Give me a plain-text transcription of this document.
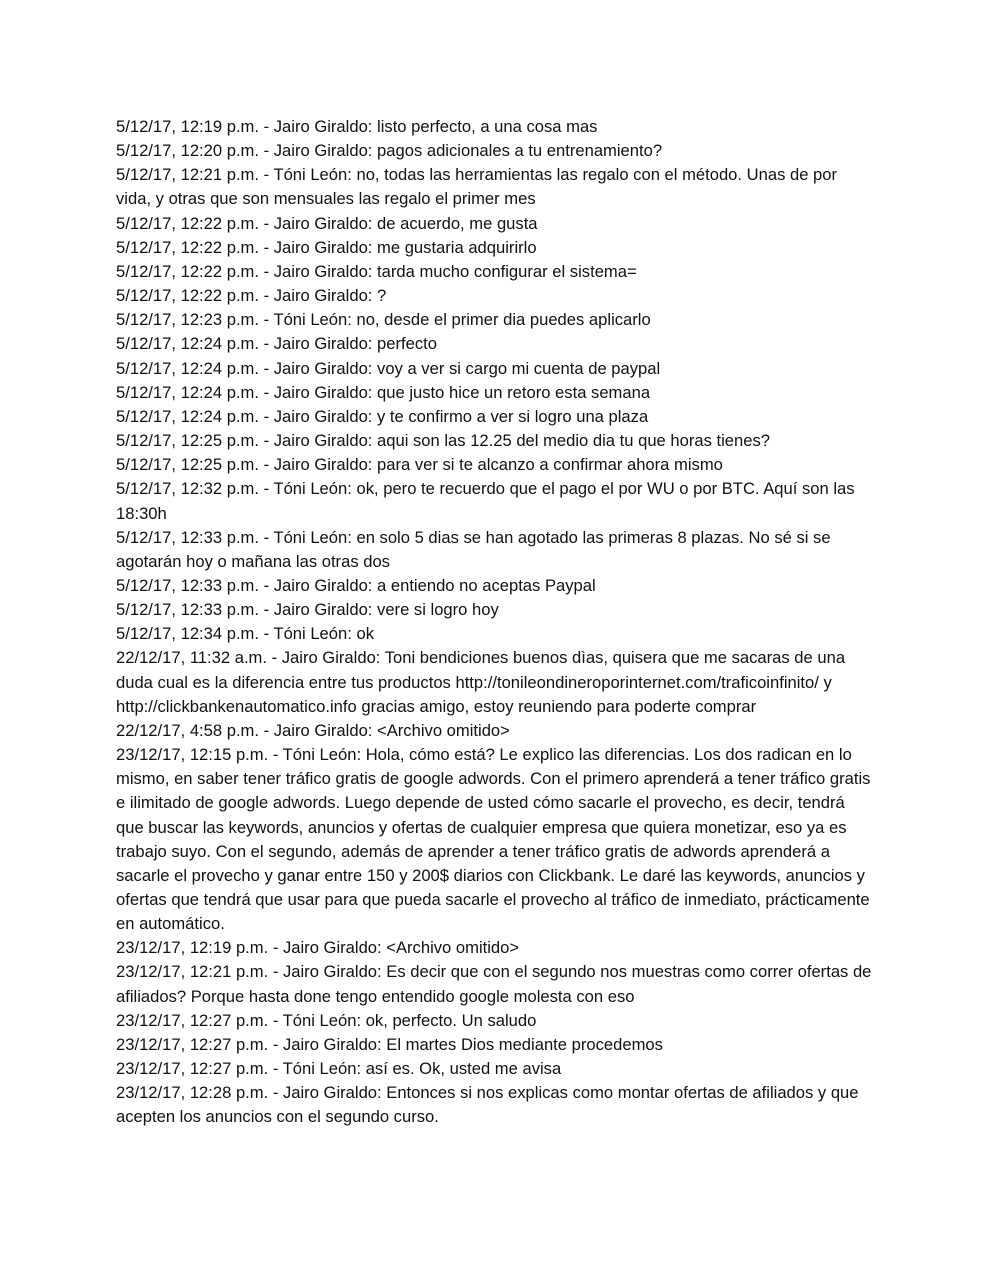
5/12/17, 12:19 p.m. - Jairo Giraldo: listo perfecto, a una cosa mas

5/12/17, 12:20 p.m. - Jairo Giraldo: pagos adicionales a tu entrenamiento?

5/12/17, 12:21 p.m. - Tóni León: no, todas las herramientas las regalo con el método. Unas de por vida, y otras que son mensuales las regalo el primer mes

5/12/17, 12:22 p.m. - Jairo Giraldo: de acuerdo, me gusta

5/12/17, 12:22 p.m. - Jairo Giraldo: me gustaria adquirirlo

5/12/17, 12:22 p.m. - Jairo Giraldo: tarda mucho configurar el sistema=

5/12/17, 12:22 p.m. - Jairo Giraldo: ?

5/12/17, 12:23 p.m. - Tóni León: no, desde el primer dia puedes aplicarlo

5/12/17, 12:24 p.m. - Jairo Giraldo: perfecto

5/12/17, 12:24 p.m. - Jairo Giraldo: voy a ver si cargo mi cuenta de paypal

5/12/17, 12:24 p.m. - Jairo Giraldo: que justo hice un retoro esta semana

5/12/17, 12:24 p.m. - Jairo Giraldo: y te confirmo a ver si logro una plaza

5/12/17, 12:25 p.m. - Jairo Giraldo: aqui son las 12.25 del medio dia tu que horas tienes?

5/12/17, 12:25 p.m. - Jairo Giraldo: para ver si te alcanzo a confirmar ahora mismo

5/12/17, 12:32 p.m. - Tóni León: ok, pero te recuerdo que el pago el por WU o por BTC. Aquí son las 18:30h

5/12/17, 12:33 p.m. - Tóni León: en solo 5 dias se han agotado las primeras 8 plazas. No sé si se agotarán hoy o mañana las otras dos

5/12/17, 12:33 p.m. - Jairo Giraldo: a entiendo no aceptas Paypal

5/12/17, 12:33 p.m. - Jairo Giraldo: vere si logro hoy

5/12/17, 12:34 p.m. - Tóni León: ok

22/12/17, 11:32 a.m. - Jairo Giraldo: Toni bendiciones buenos dìas, quisera que me sacaras de una duda cual es la diferencia entre tus productos http://tonileondineroporinternet.com/traficoinfinito/ y http://clickbankenautomatico.info gracias amigo, estoy reuniendo para poderte comprar

22/12/17, 4:58 p.m. - Jairo Giraldo: <Archivo omitido>

23/12/17, 12:15 p.m. - Tóni León: Hola, cómo está? Le explico las diferencias. Los dos radican en lo mismo, en saber tener tráfico gratis de google adwords. Con el primero aprenderá a tener tráfico gratis e ilimitado de google adwords. Luego depende de usted cómo sacarle el provecho, es decir, tendrá que buscar las keywords, anuncios y ofertas de cualquier empresa que quiera monetizar, eso ya es trabajo suyo. Con el segundo, además de aprender a tener tráfico gratis de adwords aprenderá a sacarle el provecho y ganar entre 150 y 200$ diarios con Clickbank. Le daré las keywords, anuncios y ofertas que tendrá que usar para que pueda sacarle el provecho al tráfico de inmediato, prácticamente en automático.

23/12/17, 12:19 p.m. - Jairo Giraldo: <Archivo omitido>

23/12/17, 12:21 p.m. - Jairo Giraldo: Es decir que con el segundo nos muestras como correr ofertas de afiliados? Porque hasta done tengo entendido google molesta con eso

23/12/17, 12:27 p.m. - Tóni León: ok, perfecto. Un saludo

23/12/17, 12:27 p.m. - Jairo Giraldo: El martes Dios mediante procedemos

23/12/17, 12:27 p.m. - Tóni León: así es. Ok, usted me avisa

23/12/17, 12:28 p.m. - Jairo Giraldo: Entonces si nos explicas como montar ofertas de afiliados y que acepten los anuncios con el segundo curso.
